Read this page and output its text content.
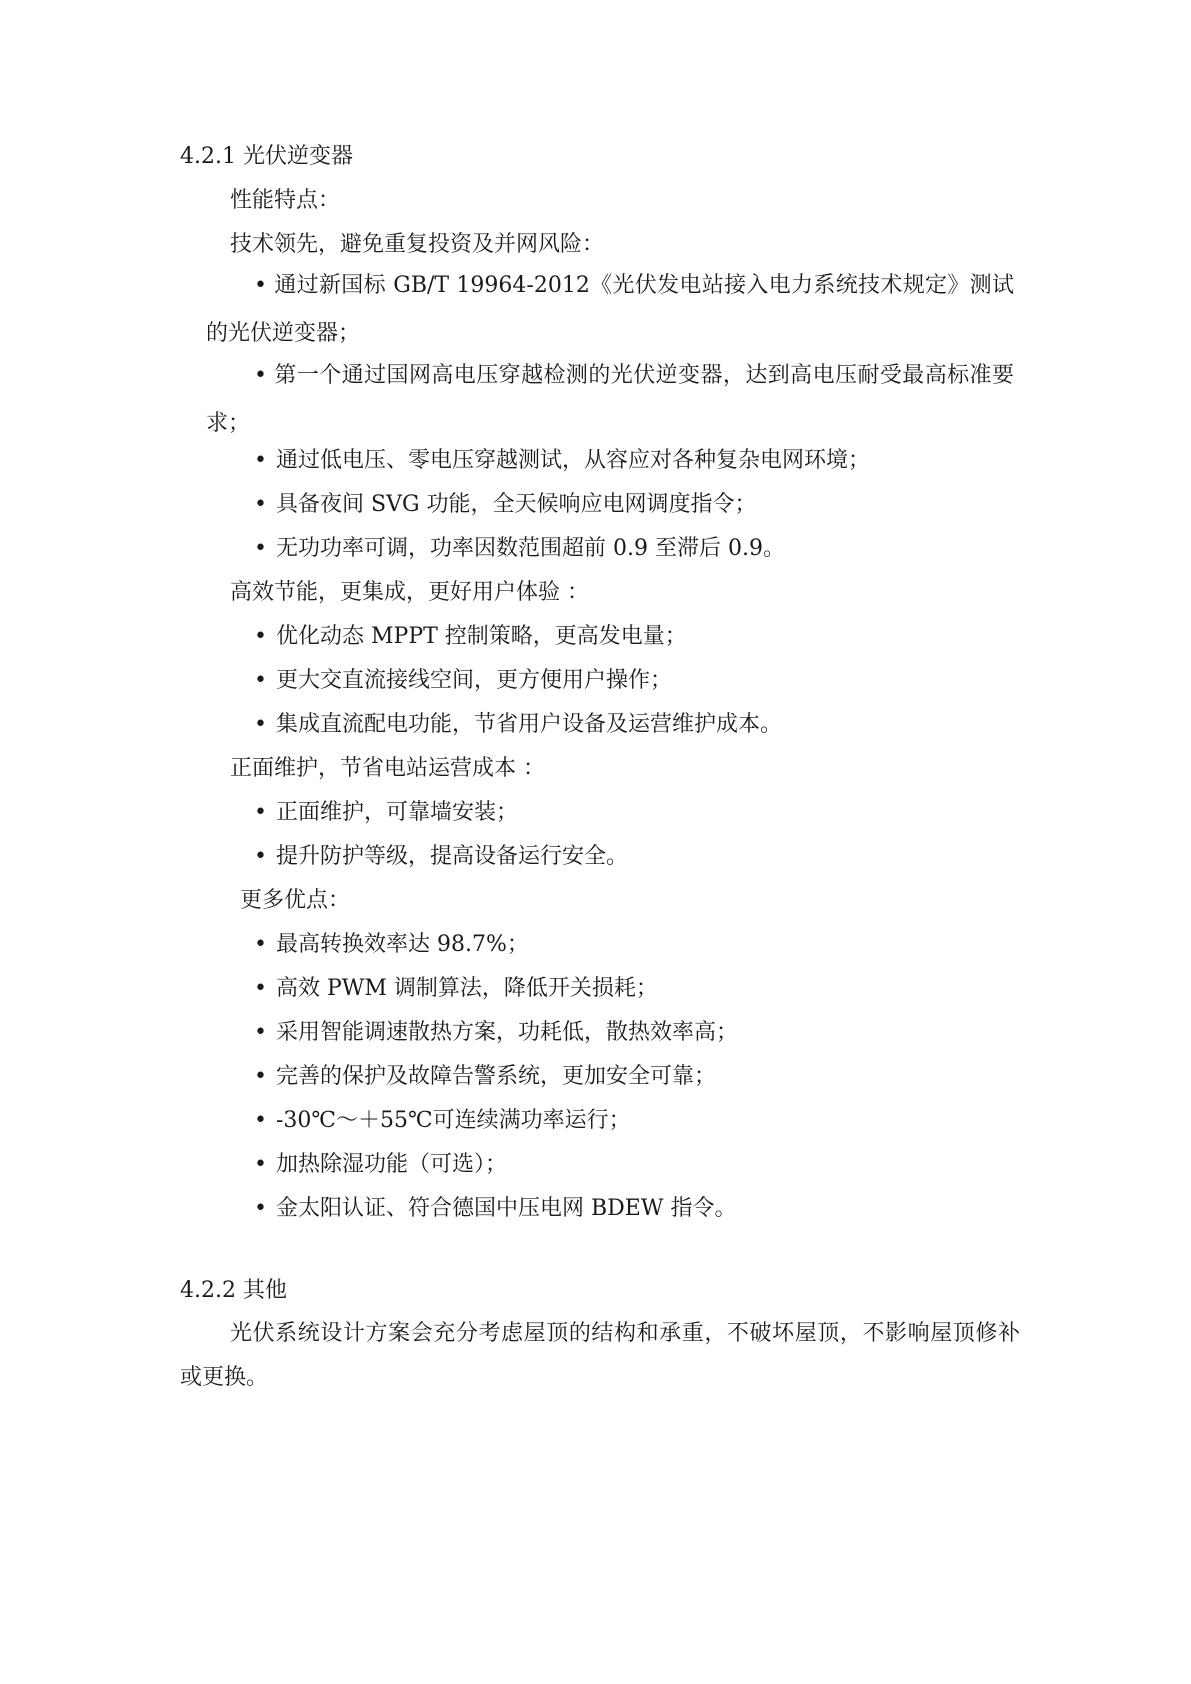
4.2.1 光伏逆变器
性能特点：
技术领先，避免重复投资及并网风险：
• 通过新国标 GB/T 19964-2012《光伏发电站接入电力系统技术规定》测试的光伏逆变器；
• 第一个通过国网高电压穿越检测的光伏逆变器，达到高电压耐受最高标准要求；
• 通过低电压、零电压穿越测试，从容应对各种复杂电网环境；
• 具备夜间 SVG 功能，全天候响应电网调度指令；
• 无功功率可调，功率因数范围超前 0.9 至滞后 0.9。
高效节能，更集成，更好用户体验 ：
• 优化动态 MPPT 控制策略，更高发电量；
• 更大交直流接线空间，更方便用户操作；
• 集成直流配电功能，节省用户设备及运营维护成本。
正面维护，节省电站运营成本 ：
• 正面维护，可靠墙安装；
• 提升防护等级，提高设备运行安全。
更多优点：
• 最高转换效率达 98.7%；
• 高效 PWM 调制算法，降低开关损耗；
• 采用智能调速散热方案，功耗低，散热效率高；
• 完善的保护及故障告警系统，更加安全可靠；
• -30℃～＋55℃可连续满功率运行；
• 加热除湿功能（可选）；
• 金太阳认证、符合德国中压电网 BDEW 指令。
4.2.2 其他
光伏系统设计方案会充分考虑屋顶的结构和承重，不破坏屋顶，不影响屋顶修补或更换。
